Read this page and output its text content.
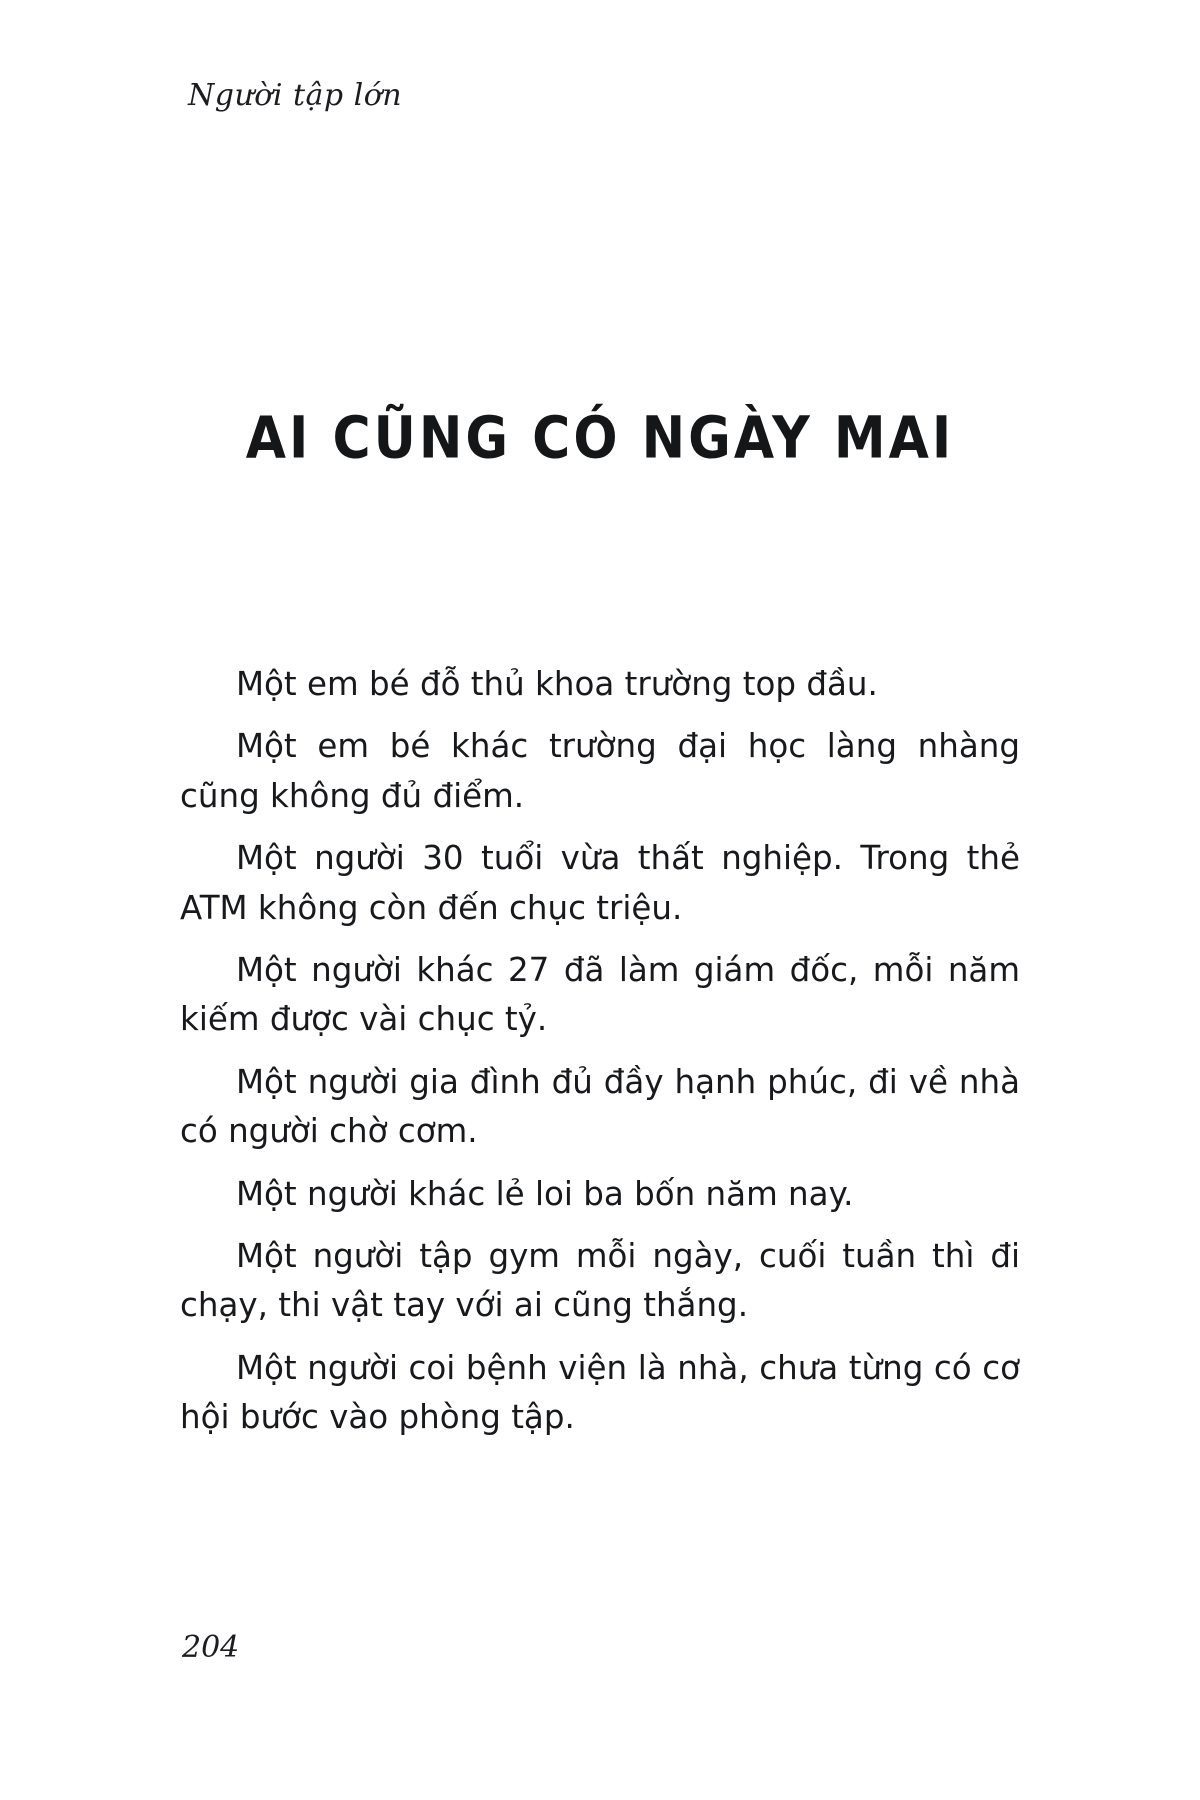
Người tập lớn
AI CŨNG CÓ NGÀY MAI

Một em bé đỗ thủ khoa trường top đầu.

Một em bé khác trường đại học làng nhàng cũng không đủ điểm.

Một người 30 tuổi vừa thất nghiệp. Trong thẻ ATM không còn đến chục triệu.

Một người khác 27 đã làm giám đốc, mỗi năm kiếm được vài chục tỷ.

Một người gia đình đủ đầy hạnh phúc, đi về nhà có người chờ cơm.

Một người khác lẻ loi ba bốn năm nay.

Một người tập gym mỗi ngày, cuối tuần thì đi chạy, thi vật tay với ai cũng thắng.

Một người coi bệnh viện là nhà, chưa từng có cơ hội bước vào phòng tập.

204
